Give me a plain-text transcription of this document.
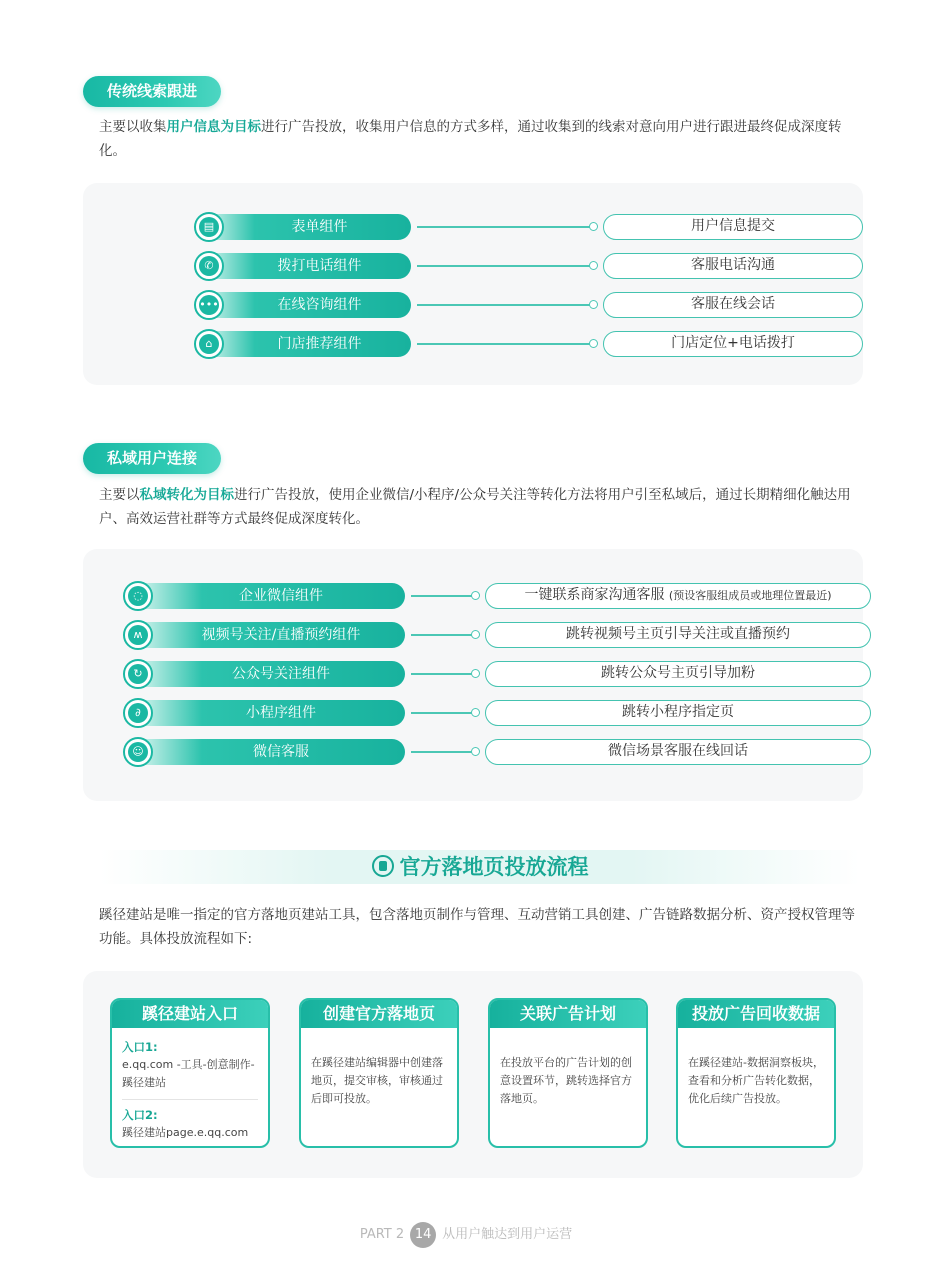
传统线索跟进
主要以收集用户信息为目标进行广告投放，收集用户信息的方式多样，通过收集到的线索对意向用户进行跟进最终促成深度转化。
▤	表单组件	用户信息提交
✆	拨打电话组件	客服电话沟通
•••	在线咨询组件	客服在线会话
⌂	门店推荐组件	门店定位+电话拨打
私域用户连接
主要以私域转化为目标进行广告投放，使用企业微信/小程序/公众号关注等转化方法将用户引至私域后，通过长期精细化触达用户、高效运营社群等方式最终促成深度转化。
◌	企业微信组件	一键联系商家沟通客服 (预设客服组成员或地理位置最近)
ʍ	视频号关注/直播预约组件	跳转视频号主页引导关注或直播预约
↻	公众号关注组件	跳转公众号主页引导加粉
∂	小程序组件	跳转小程序指定页
☺	微信客服	微信场景客服在线回话
官方落地页投放流程
蹊径建站是唯一指定的官方落地页建站工具，包含落地页制作与管理、互动营销工具创建、广告链路数据分析、资产授权管理等功能。具体投放流程如下:
蹊径建站入口
入口1:
e.qq.com -工具-创意制作-蹊径建站
入口2:
蹊径建站page.e.qq.com
创建官方落地页
在蹊径建站编辑器中创建落地页，提交审核，审核通过后即可投放。
关联广告计划
在投放平台的广告计划的创意设置环节，跳转选择官方落地页。
投放广告回收数据
在蹊径建站-数据洞察板块，查看和分析广告转化数据，优化后续广告投放。
PART 2 14 从用户触达到用户运营
